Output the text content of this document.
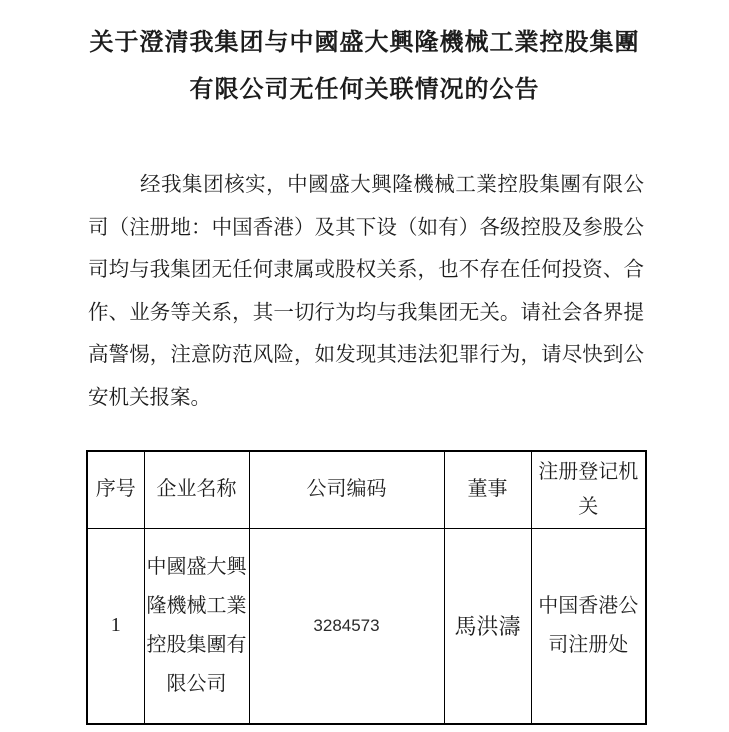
关于澄清我集团与中國盛大興隆機械工業控股集團
有限公司无任何关联情况的公告

经我集团核实，中國盛大興隆機械工業控股集團有限公司（注册地：中国香港）及其下设（如有）各级控股及参股公司均与我集团无任何隶属或股权关系，也不存在任何投资、合作、业务等关系，其一切行为均与我集团无关。请社会各界提高警惕，注意防范风险，如发现其违法犯罪行为，请尽快到公安机关报案。

序号	企业名称	公司编码	董事	注册登记机关
1	中國盛大興隆機械工業控股集團有限公司	3284573	馬洪濤	中国香港公司注册处
